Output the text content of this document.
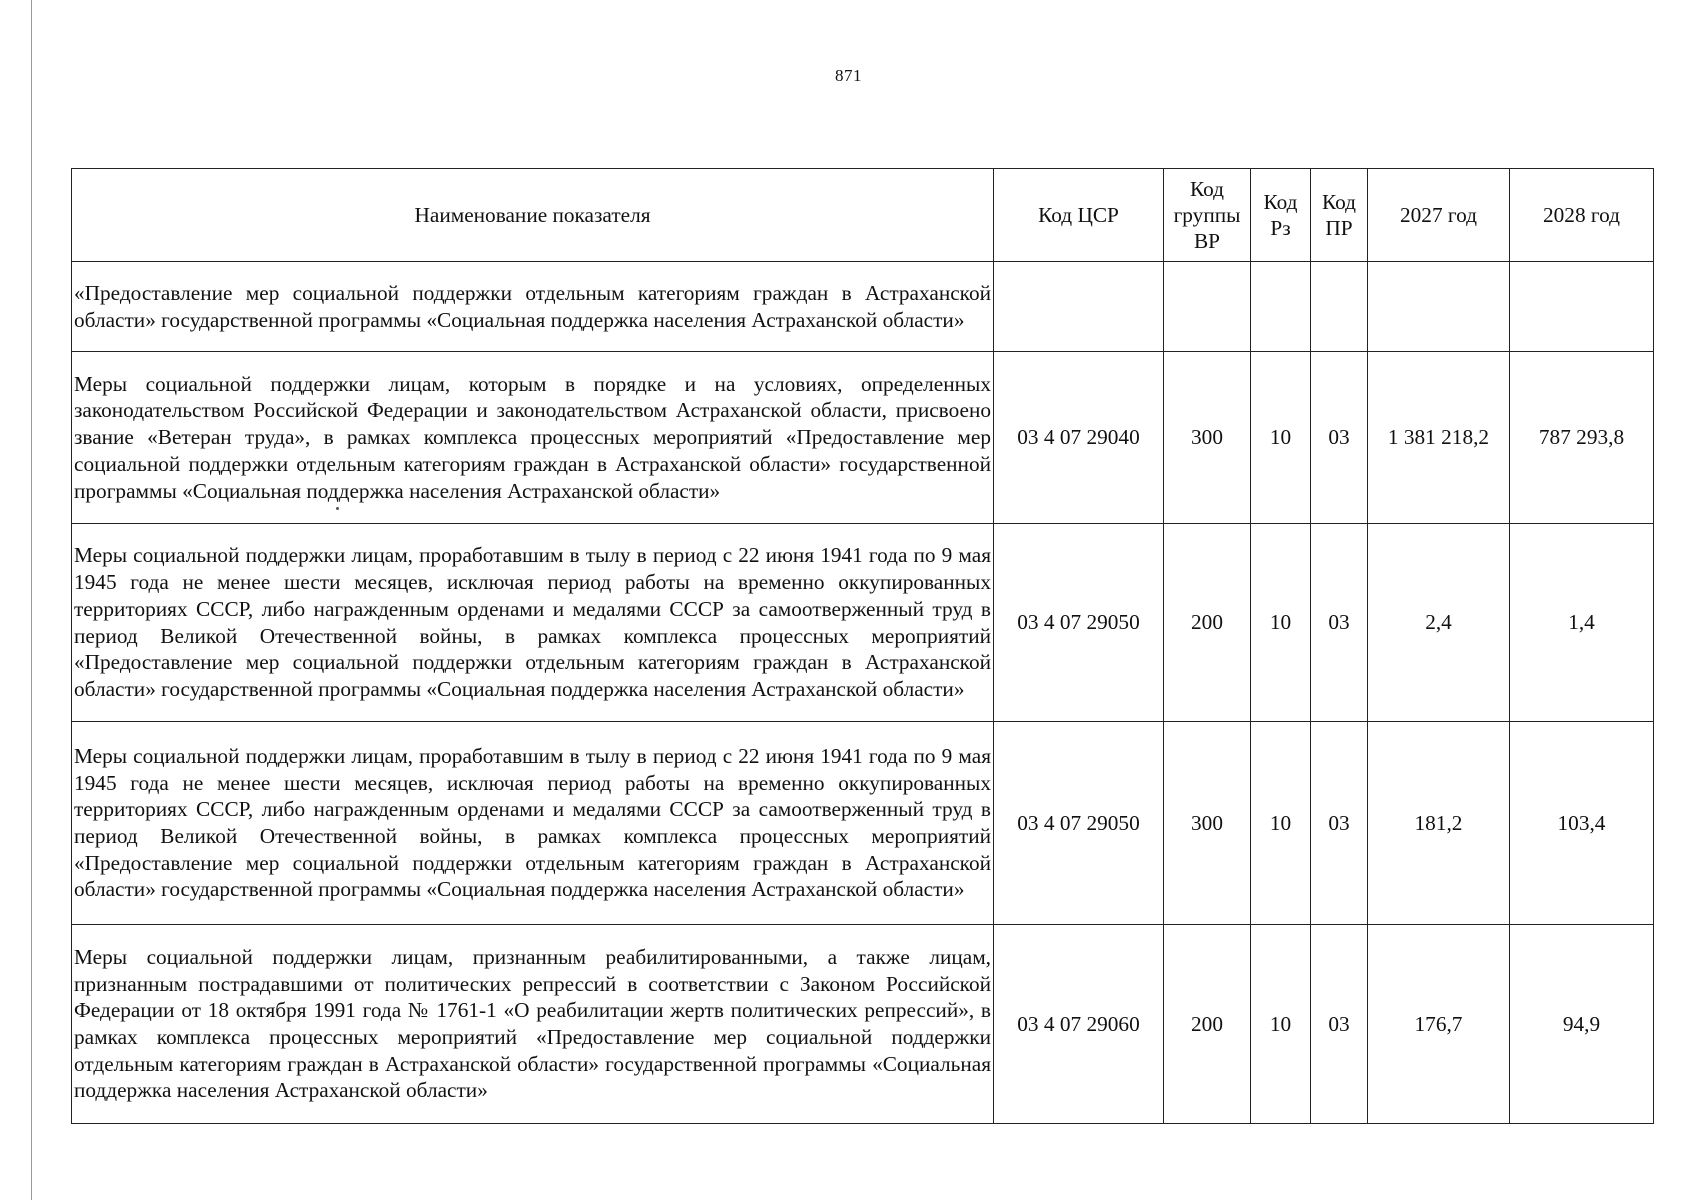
871
Наименование показателя	Код ЦСР	Код группы ВР	Код Рз	Код ПР	2027 год	2028 год
«Предоставление мер социальной поддержки отдельным категориям граждан в Астраханской области» государственной программы «Социальная поддержка населения Астраханской области»						
Меры социальной поддержки лицам, которым в порядке и на условиях, определенных законодательством Российской Федерации и законодательством Астраханской области, присвоено звание «Ветеран труда», в рамках комплекса процессных мероприятий «Предоставление мер социальной поддержки отдельным категориям граждан в Астраханской области» государственной программы «Социальная поддержка населения Астраханской области»	03 4 07 29040	300	10	03	1 381 218,2	787 293,8
Меры социальной поддержки лицам, проработавшим в тылу в период с 22 июня 1941 года по 9 мая 1945 года не менее шести месяцев, исключая период работы на временно оккупированных территориях СССР, либо награжденным орденами и медалями СССР за самоотверженный труд в период Великой Отечественной войны, в рамках комплекса процессных мероприятий «Предоставление мер социальной поддержки отдельным категориям граждан в Астраханской области» государственной программы «Социальная поддержка населения Астраханской области»	03 4 07 29050	200	10	03	2,4	1,4
Меры социальной поддержки лицам, проработавшим в тылу в период с 22 июня 1941 года по 9 мая 1945 года не менее шести месяцев, исключая период работы на временно оккупированных территориях СССР, либо награжденным орденами и медалями СССР за самоотверженный труд в период Великой Отечественной войны, в рамках комплекса процессных мероприятий «Предоставление мер социальной поддержки отдельным категориям граждан в Астраханской области» государственной программы «Социальная поддержка населения Астраханской области»	03 4 07 29050	300	10	03	181,2	103,4
Меры социальной поддержки лицам, признанным реабилитированными, а также лицам, признанным пострадавшими от политических репрессий в соответствии с Законом Российской Федерации от 18 октября 1991 года № 1761-1 «О реабилитации жертв политических репрессий», в рамках комплекса процессных мероприятий «Предоставление мер социальной поддержки отдельным категориям граждан в Астраханской области» государственной программы «Социальная поддержка населения Астраханской области»	03 4 07 29060	200	10	03	176,7	94,9
